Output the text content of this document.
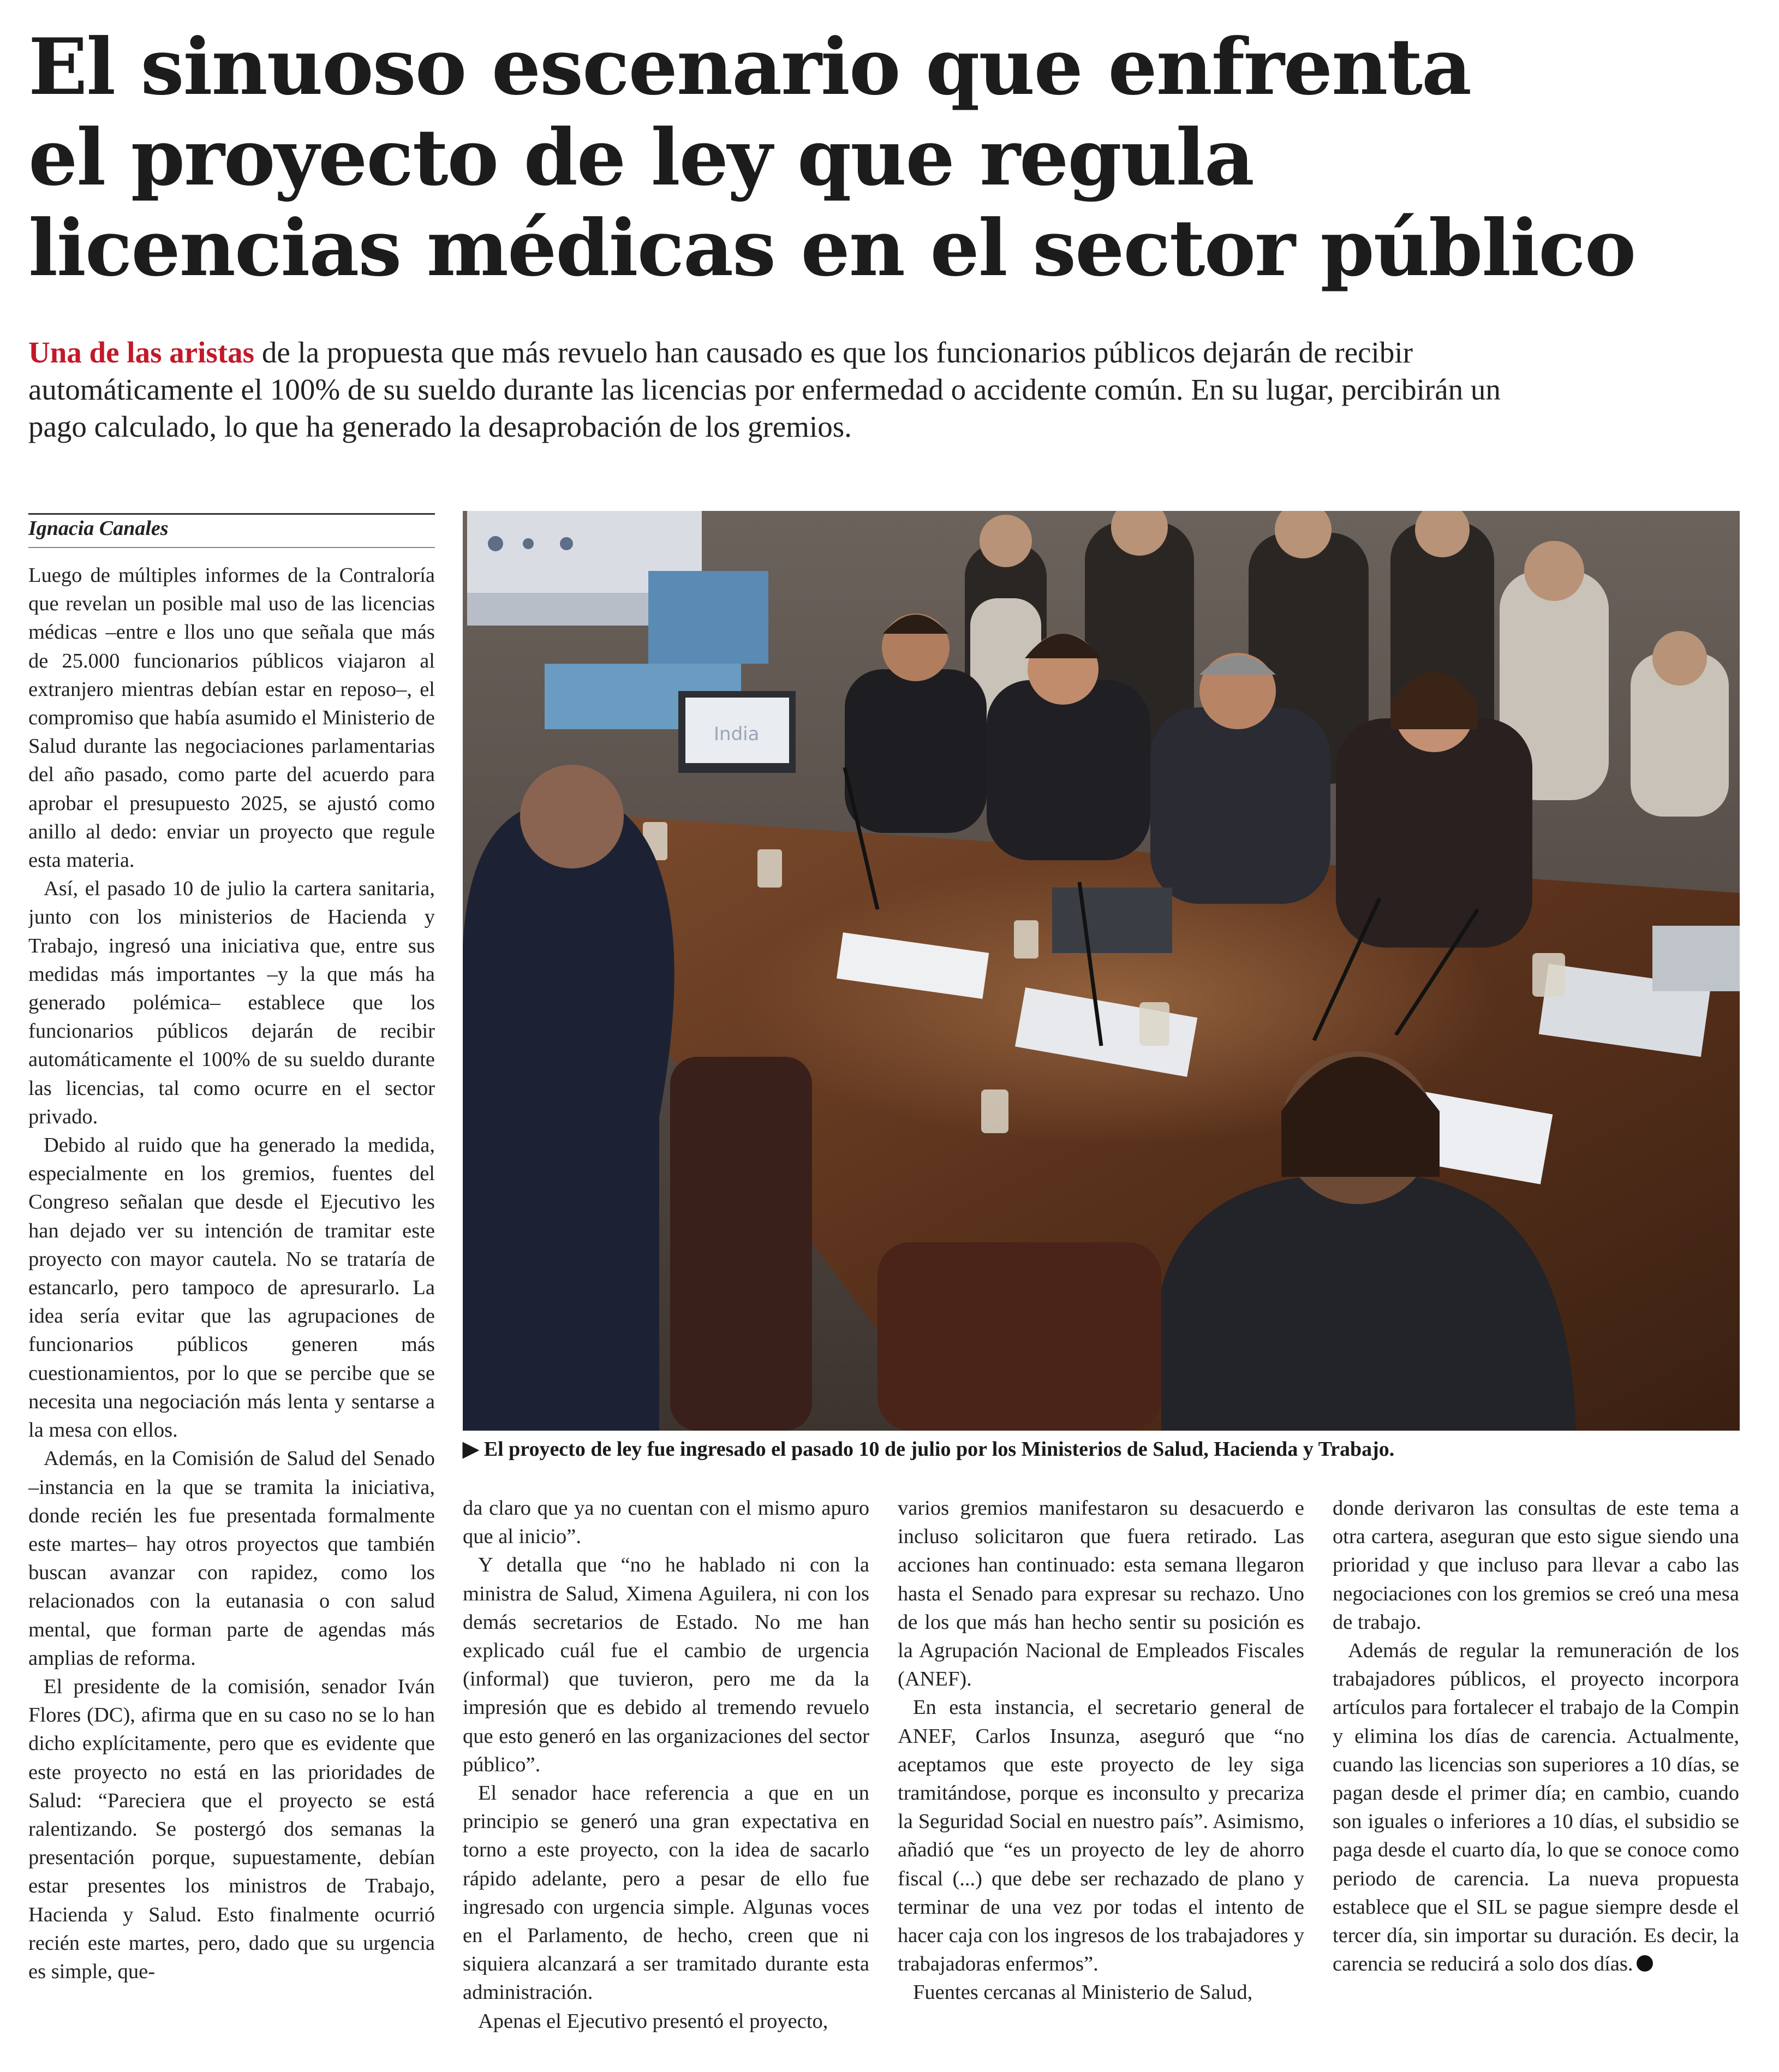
El sinuoso escenario que enfrenta
el proyecto de ley que regula
licencias médicas en el sector público

Una de las aristas de la propuesta que más revuelo han causado es que los funcionarios públicos dejarán de recibir automáticamente el 100% de su sueldo durante las licencias por enfermedad o accidente común. En su lugar, percibirán un pago calculado, lo que ha generado la desaprobación de los gremios.

Ignacia Canales

Luego de múltiples informes de la Contraloría que revelan un posible mal uso de las licencias médicas –entre e llos uno que señala que más de 25.000 funcionarios públicos viajaron al extranjero mientras debían estar en reposo–, el compromiso que había asumido el Ministerio de Salud durante las negociaciones parlamentarias del año pasado, como parte del acuerdo para aprobar el presupuesto 2025, se ajustó como anillo al dedo: enviar un proyecto que regule esta materia.

Así, el pasado 10 de julio la cartera sanitaria, junto con los ministerios de Hacienda y Trabajo, ingresó una iniciativa que, entre sus medidas más importantes –y la que más ha generado polémica– establece que los funcionarios públicos dejarán de recibir automáticamente el 100% de su sueldo durante las licencias, tal como ocurre en el sector privado.

Debido al ruido que ha generado la medida, especialmente en los gremios, fuentes del Congreso señalan que desde el Ejecutivo les han dejado ver su intención de tramitar este proyecto con mayor cautela. No se trataría de estancarlo, pero tampoco de apresurarlo. La idea sería evitar que las agrupaciones de funcionarios públicos generen más cuestionamientos, por lo que se percibe que se necesita una negociación más lenta y sentarse a la mesa con ellos.

Además, en la Comisión de Salud del Senado –instancia en la que se tramita la iniciativa, donde recién les fue presentada formalmente este martes– hay otros proyectos que también buscan avanzar con rapidez, como los relacionados con la eutanasia o con salud mental, que forman parte de agendas más amplias de reforma.

El presidente de la comisión, senador Iván Flores (DC), afirma que en su caso no se lo han dicho explícitamente, pero que es evidente que este proyecto no está en las prioridades de Salud: “Pareciera que el proyecto se está ralentizando. Se postergó dos semanas la presentación porque, supuestamente, debían estar presentes los ministros de Trabajo, Hacienda y Salud. Esto finalmente ocurrió recién este martes, pero, dado que su urgencia es simple, que-

India
▶ El proyecto de ley fue ingresado el pasado 10 de julio por los Ministerios de Salud, Hacienda y Trabajo.

da claro que ya no cuentan con el mismo apuro que al inicio”.

Y detalla que “no he hablado ni con la ministra de Salud, Ximena Aguilera, ni con los demás secretarios de Estado. No me han explicado cuál fue el cambio de urgencia (informal) que tuvieron, pero me da la impresión que es debido al tremendo revuelo que esto generó en las organizaciones del sector público”.

El senador hace referencia a que en un principio se generó una gran expectativa en torno a este proyecto, con la idea de sacarlo rápido adelante, pero a pesar de ello fue ingresado con urgencia simple. Algunas voces en el Parlamento, de hecho, creen que ni siquiera alcanzará a ser tramitado durante esta administración.

Apenas el Ejecutivo presentó el proyecto,

varios gremios manifestaron su desacuerdo e incluso solicitaron que fuera retirado. Las acciones han continuado: esta semana llegaron hasta el Senado para expresar su rechazo. Uno de los que más han hecho sentir su posición es la Agrupación Nacional de Empleados Fiscales (ANEF).

En esta instancia, el secretario general de ANEF, Carlos Insunza, aseguró que “no aceptamos que este proyecto de ley siga tramitándose, porque es inconsulto y precariza la Seguridad Social en nuestro país”. Asimismo, añadió que “es un proyecto de ley de ahorro fiscal (...) que debe ser rechazado de plano y terminar de una vez por todas el intento de hacer caja con los ingresos de los trabajadores y trabajadoras enfermos”.

Fuentes cercanas al Ministerio de Salud,

donde derivaron las consultas de este tema a otra cartera, aseguran que esto sigue siendo una prioridad y que incluso para llevar a cabo las negociaciones con los gremios se creó una mesa de trabajo.

Además de regular la remuneración de los trabajadores públicos, el proyecto incorpora artículos para fortalecer el trabajo de la Compin y elimina los días de carencia. Actualmente, cuando las licencias son superiores a 10 días, se pagan desde el primer día; en cambio, cuando son iguales o inferiores a 10 días, el subsidio se paga desde el cuarto día, lo que se conoce como periodo de carencia. La nueva propuesta establece que el SIL se pague siempre desde el tercer día, sin importar su duración. Es decir, la carencia se reducirá a solo dos días.
